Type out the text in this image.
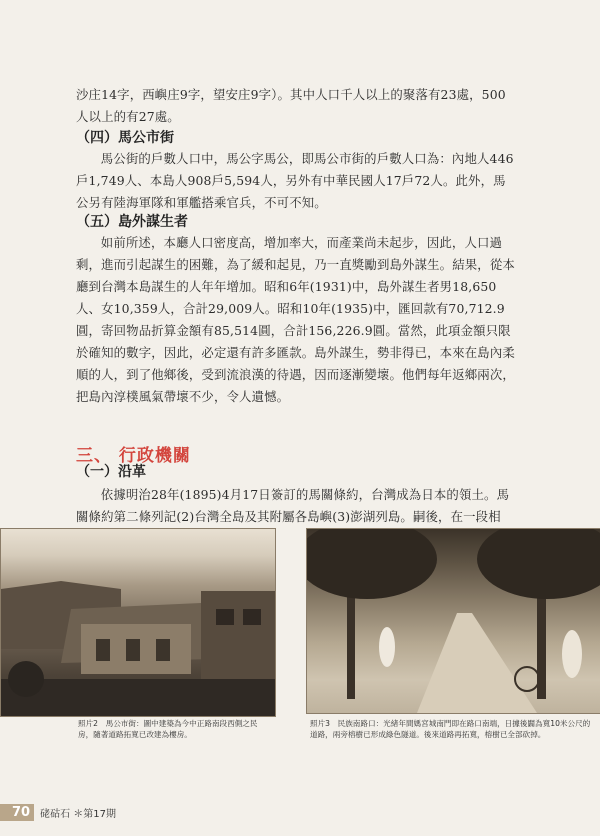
沙庄14字，西嶼庄9字，望安庄9字）。其中人口千人以上的聚落有23處，500

人以上的有27處。

（四）馬公市街

馬公街的戶數人口中，馬公字馬公，即馬公市街的戶數人口為：內地人446戶1,749人、本島人908戶5,594人，另外有中華民國人17戶72人。此外，馬公另有陸海軍隊和軍艦搭乘官兵，不可不知。

（五）島外謀生者

如前所述，本廳人口密度高，增加率大，而產業尚未起步，因此，人口過剩，進而引起謀生的困難，為了緩和起見，乃一直獎勵到島外謀生。結果，從本廳到台灣本島謀生的人年年增加。昭和6年(1931)中，島外謀生者男18,650人、女10,359人，合計29,009人。昭和10年(1935)中，匯回款有70,712.9圓，寄回物品折算金額有85,514圓，合計156,226.9圓。當然，此項金額只限於確知的數字，因此，必定還有許多匯款。島外謀生，勢非得已，本來在島內柔順的人，到了他鄉後，受到流浪漢的待遇，因而逐漸變壞。他們每年返鄉兩次，把島內淳樸風氣帶壞不少，令人遺憾。

三、 行政機關

（一）沿革

依據明治28年(1895)4月17日簽訂的馬關條約，台灣成為日本的領土。馬關條約第二條列記(2)台灣全島及其附屬各島嶼(3)澎湖列島。嗣後，在一段相

照片2　馬公市街：圖中建築為今中正路南段西側之民房，隨著道路拓寬已改建為樓房。
照片3　民族南路口：光緒年間媽宮城南門即在路口南端，日據後闢為寬10米公尺的道路，兩旁榕樹已形成綠色隧道。後來道路再拓寬，榕樹已全部砍掉。
70	硓𥑮石 ＊第17期
